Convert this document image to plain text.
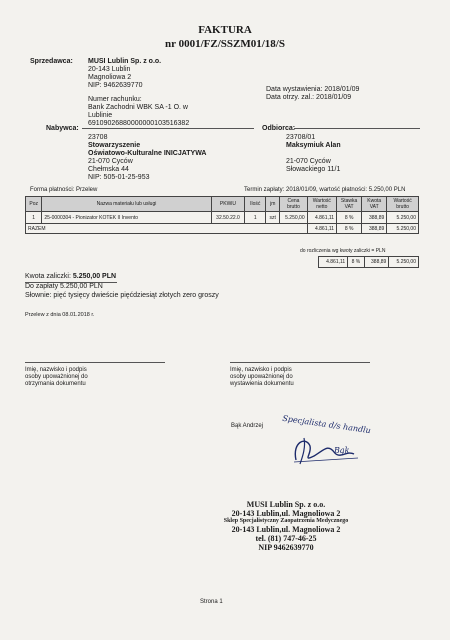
FAKTURA
nr 0001/FZ/SSZM01/18/S
Sprzedawca: MUSI Lublin Sp. z o.o.
20-143 Lublin
Magnoliowa 2
NIP: 9462639770
Numer rachunku:
Bank Zachodni WBK SA -1 O. w
Lublinie
69109026880000000103516382
Data wystawienia: 2018/01/09
Data otrzy. zal.: 2018/01/09
Nabywca:
23708
Stowarzyszenie
Oświatowo-Kulturalne INICJATYWA
21-070 Cyców
Chełmska 44
NIP: 505-01-25-953
Odbiorca:
23708/01
Maksymiuk Alan
21-070 Cyców
Słowackiego 11/1
Forma płatności: Przelew	Termin zapłaty: 2018/01/09, wartość płatności: 5.250,00 PLN
Poz	Nazwa materiału lub usługi	PKWiU	Ilość	jm	Cena brutto	Wartość netto	Stawka VAT	Kwota VAT	Wartość brutto
1	25-0000304 - Pionizator KOTEK II Invento	32.50.22.0	1	szt	5.250,00	4.861,11	8 %	388,89	5.250,00
RAZEM						4.861,11	8 %	388,89	5.250,00
do rozliczenia wg kwoty zaliczki = PLN
4.861,11	8 %	388,89	5.250,00
Kwota zaliczki: 5.250,00 PLN
Do zapłaty 5.250,00 PLN
Słownie: pięć tysięcy dwieście pięćdziesiąt złotych zero groszy
Przelew z dnia 08.01.2018 r.
Imię, nazwisko i podpis
osoby upoważnionej do
otrzymania dokumentu
Imię, nazwisko i podpis
osoby upoważnionej do
wystawienia dokumentu
Bąk Andrzej Specjalista d/s handlu
Bąk
MUSI Lublin Sp. z o.o.
20-143 Lublin,ul. Magnoliowa 2
Sklep Specjalistyczny Zaopatrzenia Medycznego
20-143 Lublin,ul. Magnoliowa 2
tel. (81) 747-46-25
NIP 9462639770
Strona 1
